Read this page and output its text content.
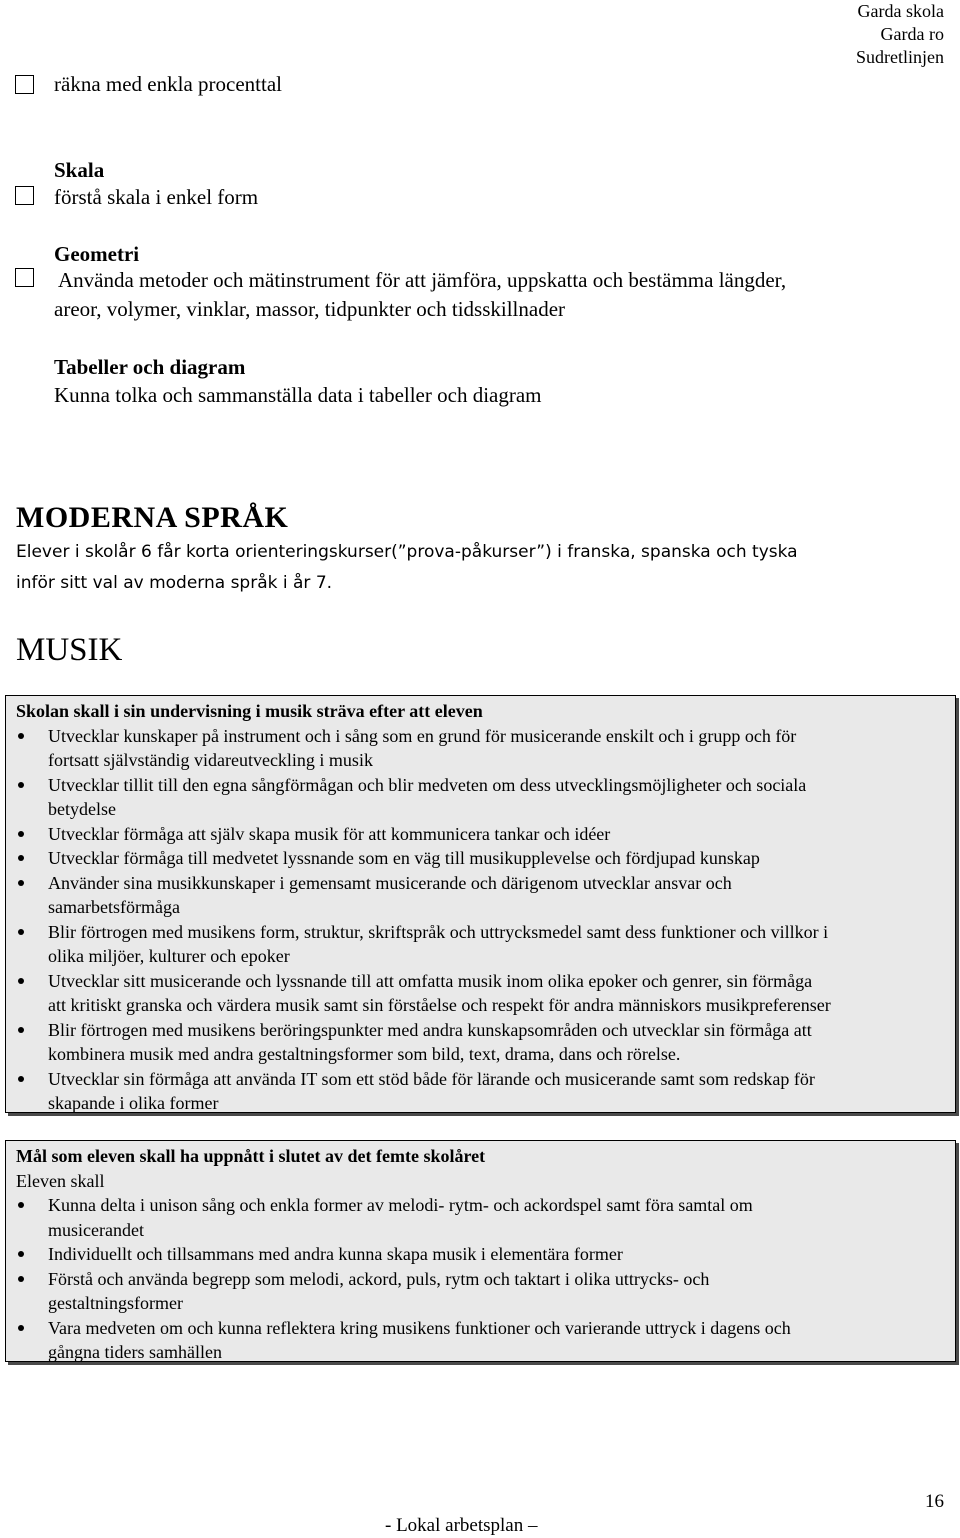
Garda skola
Garda ro
Sudretlinjen
räkna med enkla procenttal
Skala
förstå skala i enkel form
Geometri
Använda metoder och mätinstrument för att jämföra, uppskatta och bestämma längder,
areor, volymer, vinklar, massor, tidpunkter och tidsskillnader
Tabeller och diagram
Kunna tolka och sammanställa data i tabeller och diagram
MODERNA SPRÅK
Elever i skolår 6 får korta orienteringskurser(”prova-påkurser”) i franska, spanska och tyska
inför sitt val av moderna språk i år 7.
MUSIK
Skolan skall i sin undervisning i musik sträva efter att eleven
Utvecklar kunskaper på instrument och i sång som en grund för musicerande enskilt och i grupp och för
fortsatt självständig vidareutveckling i musik
Utvecklar tillit till den egna sångförmågan och blir medveten om dess utvecklingsmöjligheter och sociala
betydelse
Utvecklar förmåga att själv skapa musik för att kommunicera tankar och idéer
Utvecklar förmåga till medvetet lyssnande som en väg till musikupplevelse och fördjupad kunskap
Använder sina musikkunskaper i gemensamt musicerande och därigenom utvecklar ansvar och
samarbetsförmåga
Blir förtrogen med musikens form, struktur, skriftspråk och uttrycksmedel samt dess funktioner och villkor i
olika miljöer, kulturer och epoker
Utvecklar sitt musicerande och lyssnande till att omfatta musik inom olika epoker och genrer, sin förmåga
att kritiskt granska och värdera musik samt sin förståelse och respekt för andra människors musikpreferenser
Blir förtrogen med musikens beröringspunkter med andra kunskapsområden och utvecklar sin förmåga att
kombinera musik med andra gestaltningsformer som bild, text, drama, dans och rörelse.
Utvecklar sin förmåga att använda IT som ett stöd både för lärande och musicerande samt som redskap för
skapande i olika former
Mål som eleven skall ha uppnått i slutet av det femte skolåret
Eleven skall
Kunna delta i unison sång och enkla former av melodi- rytm- och ackordspel samt föra samtal om
musicerandet
Individuellt och tillsammans med andra kunna skapa musik i elementära former
Förstå och använda begrepp som melodi, ackord, puls, rytm och taktart i olika uttrycks- och
gestaltningsformer
Vara medveten om och kunna reflektera kring musikens funktioner och varierande uttryck i dagens och
gångna tiders samhällen
16
- Lokal arbetsplan –
